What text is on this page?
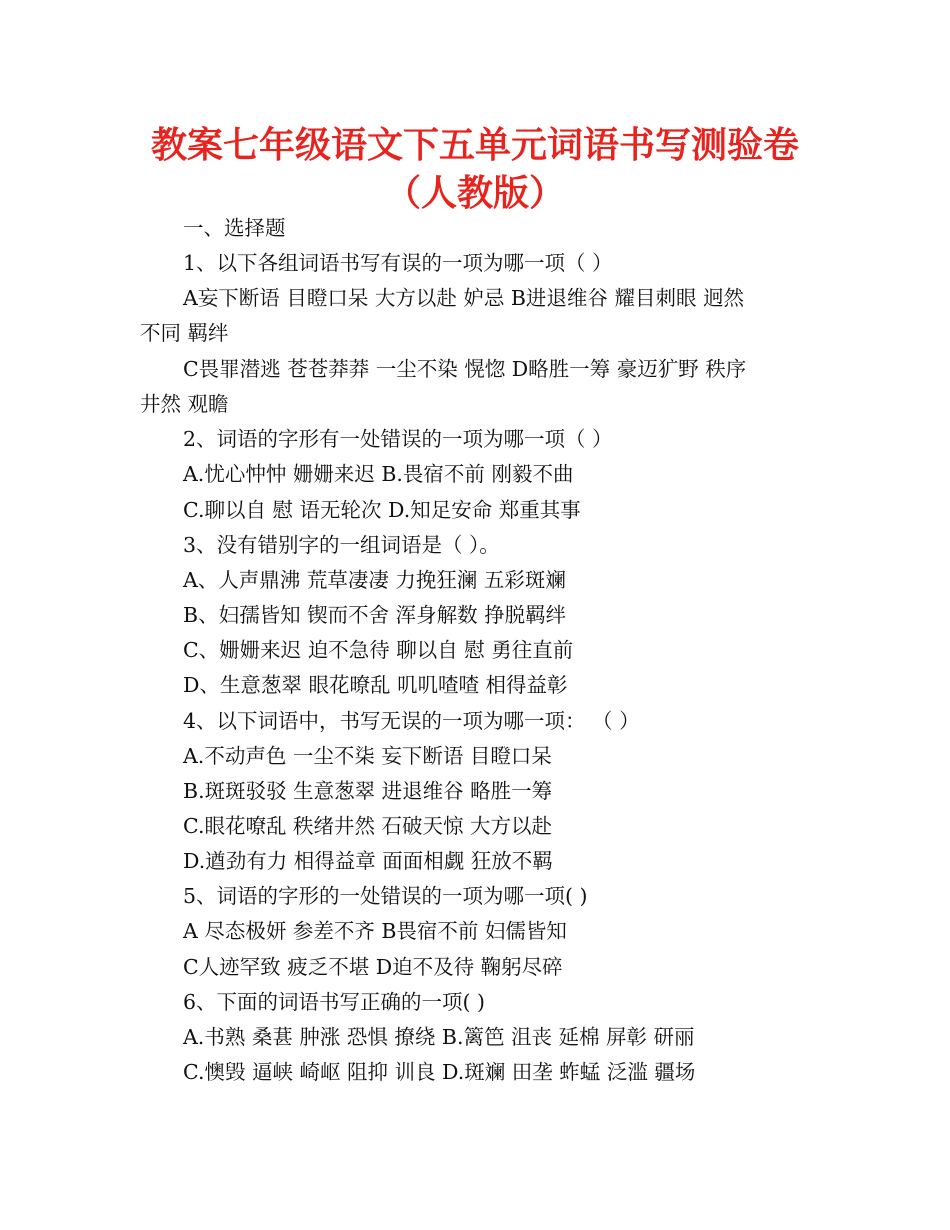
教案七年级语文下五单元词语书写测验卷
（人教版）
一、选择题
1、以下各组词语书写有误的一项为哪一项（ ）
A妄下断语 目瞪口呆 大方以赴 妒忌 B进退维谷 耀目刺眼 迥然
不同 羁绊
C畏罪潜逃 苍苍莽莽 一尘不染 愰惚 D略胜一筹 豪迈犷野 秩序
井然 观瞻
2、词语的字形有一处错误的一项为哪一项（ ）
A.忧心忡忡 姗姗来迟 B.畏宿不前 刚毅不曲
C.聊以自 慰 语无轮次 D.知足安命 郑重其事
3、没有错别字的一组词语是（ ）。
A、人声鼎沸 荒草凄凄 力挽狂澜 五彩斑斓
B、妇孺皆知 锲而不舍 浑身解数 挣脱羁绊
C、姗姗来迟 迫不急待 聊以自 慰 勇往直前
D、生意葱翠 眼花暸乱 叽叽喳喳 相得益彰
4、以下词语中，书写无误的一项为哪一项： （ ）
A.不动声色 一尘不柒 妄下断语 目瞪口呆
B.斑斑驳驳 生意葱翠 进退维谷 略胜一筹
C.眼花嘹乱 秩绪井然 石破天惊 大方以赴
D.遒劲有力 相得益章 面面相觑 狂放不羁
5、词语的字形的一处错误的一项为哪一项( )
A 尽态极妍 参差不齐 B畏宿不前 妇儒皆知
C人迹罕致 疲乏不堪 D迫不及待 鞠躬尽碎
6、下面的词语书写正确的一项( )
A.书熟 桑葚 肿涨 恐惧 撩绕 B.篱笆 沮丧 延棉 屏彰 研丽
C.懊毁 逼峡 崎岖 阻抑 训良 D.斑斓 田垄 蚱蜢 泛滥 疆场
